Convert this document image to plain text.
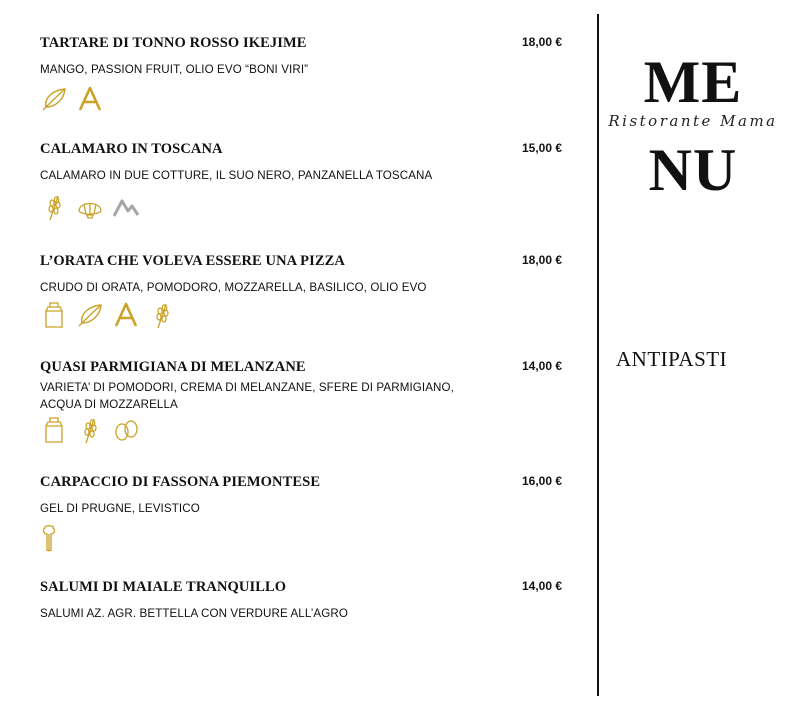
TARTARE DI TONNO ROSSO IKEJIME	18,00 €
MANGO, PASSION FRUIT, OLIO EVO “BONI VIRI”
CALAMARO IN TOSCANA	15,00 €
CALAMARO IN DUE COTTURE, IL SUO NERO, PANZANELLA TOSCANA
L’ORATA CHE VOLEVA ESSERE UNA PIZZA	18,00 €
CRUDO DI ORATA, POMODORO, MOZZARELLA, BASILICO, OLIO EVO
QUASI PARMIGIANA DI MELANZANE	14,00 €
VARIETA’ DI POMODORI, CREMA DI MELANZANE, SFERE DI PARMIGIANO, ACQUA DI MOZZARELLA
CARPACCIO DI FASSONA PIEMONTESE	16,00 €
GEL DI PRUGNE, LEVISTICO
SALUMI DI MAIALE TRANQUILLO	14,00 €
SALUMI AZ. AGR. BETTELLA CON VERDURE ALL’AGRO
ME
Ristorante Mama
NU
ANTIPASTI
